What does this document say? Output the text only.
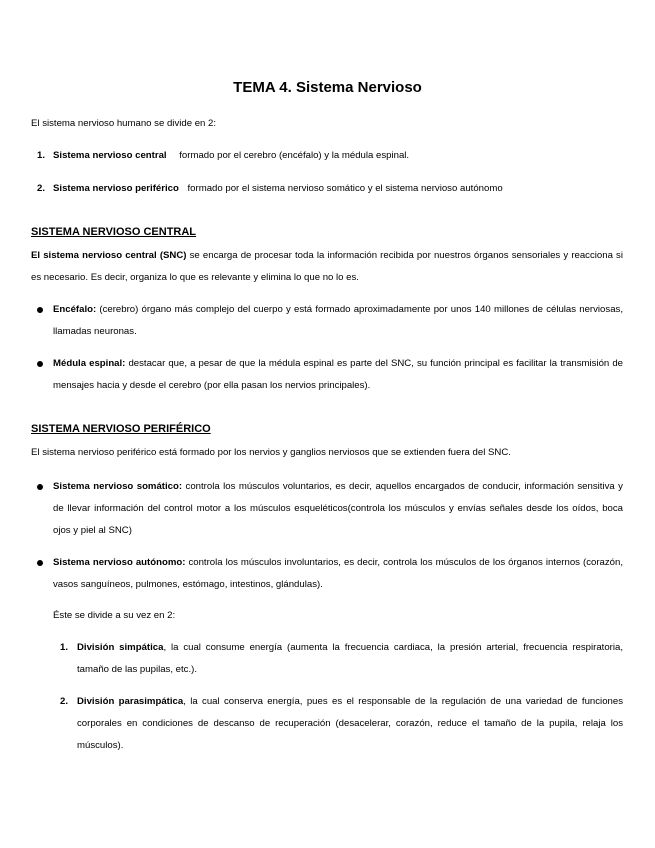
TEMA 4. Sistema Nervioso
El sistema nervioso humano se divide en 2:
1. Sistema nervioso central formado por el cerebro (encéfalo) y la médula espinal.
2. Sistema nervioso periférico formado por el sistema nervioso somático y el sistema nervioso autónomo
SISTEMA NERVIOSO CENTRAL
El sistema nervioso central (SNC) se encarga de procesar toda la información recibida por nuestros órganos sensoriales y reacciona si es necesario. Es decir, organiza lo que es relevante y elimina lo que no lo es.
Encéfalo: (cerebro) órgano más complejo del cuerpo y está formado aproximadamente por unos 140 millones de células nerviosas, llamadas neuronas.
Médula espinal: destacar que, a pesar de que la médula espinal es parte del SNC, su función principal es facilitar la transmisión de mensajes hacia y desde el cerebro (por ella pasan los nervios principales).
SISTEMA NERVIOSO PERIFÉRICO
El sistema nervioso periférico está formado por los nervios y ganglios nerviosos que se extienden fuera del SNC.
Sistema nervioso somático: controla los músculos voluntarios, es decir, aquellos encargados de conducir, información sensitiva y de llevar información del control motor a los músculos esqueléticos(controla los músculos y envías señales desde los oídos, boca ojos y piel al SNC)
Sistema nervioso autónomo: controla los músculos involuntarios, es decir, controla los músculos de los órganos internos (corazón, vasos sanguíneos, pulmones, estómago, intestinos, glándulas).
Éste se divide a su vez en 2:
1. División simpática, la cual consume energía (aumenta la frecuencia cardiaca, la presión arterial, frecuencia respiratoria, tamaño de las pupilas, etc.).
2. División parasimpática, la cual conserva energía, pues es el responsable de la regulación de una variedad de funciones corporales en condiciones de descanso de recuperación (desacelerar, corazón, reduce el tamaño de la pupila, relaja los músculos).
